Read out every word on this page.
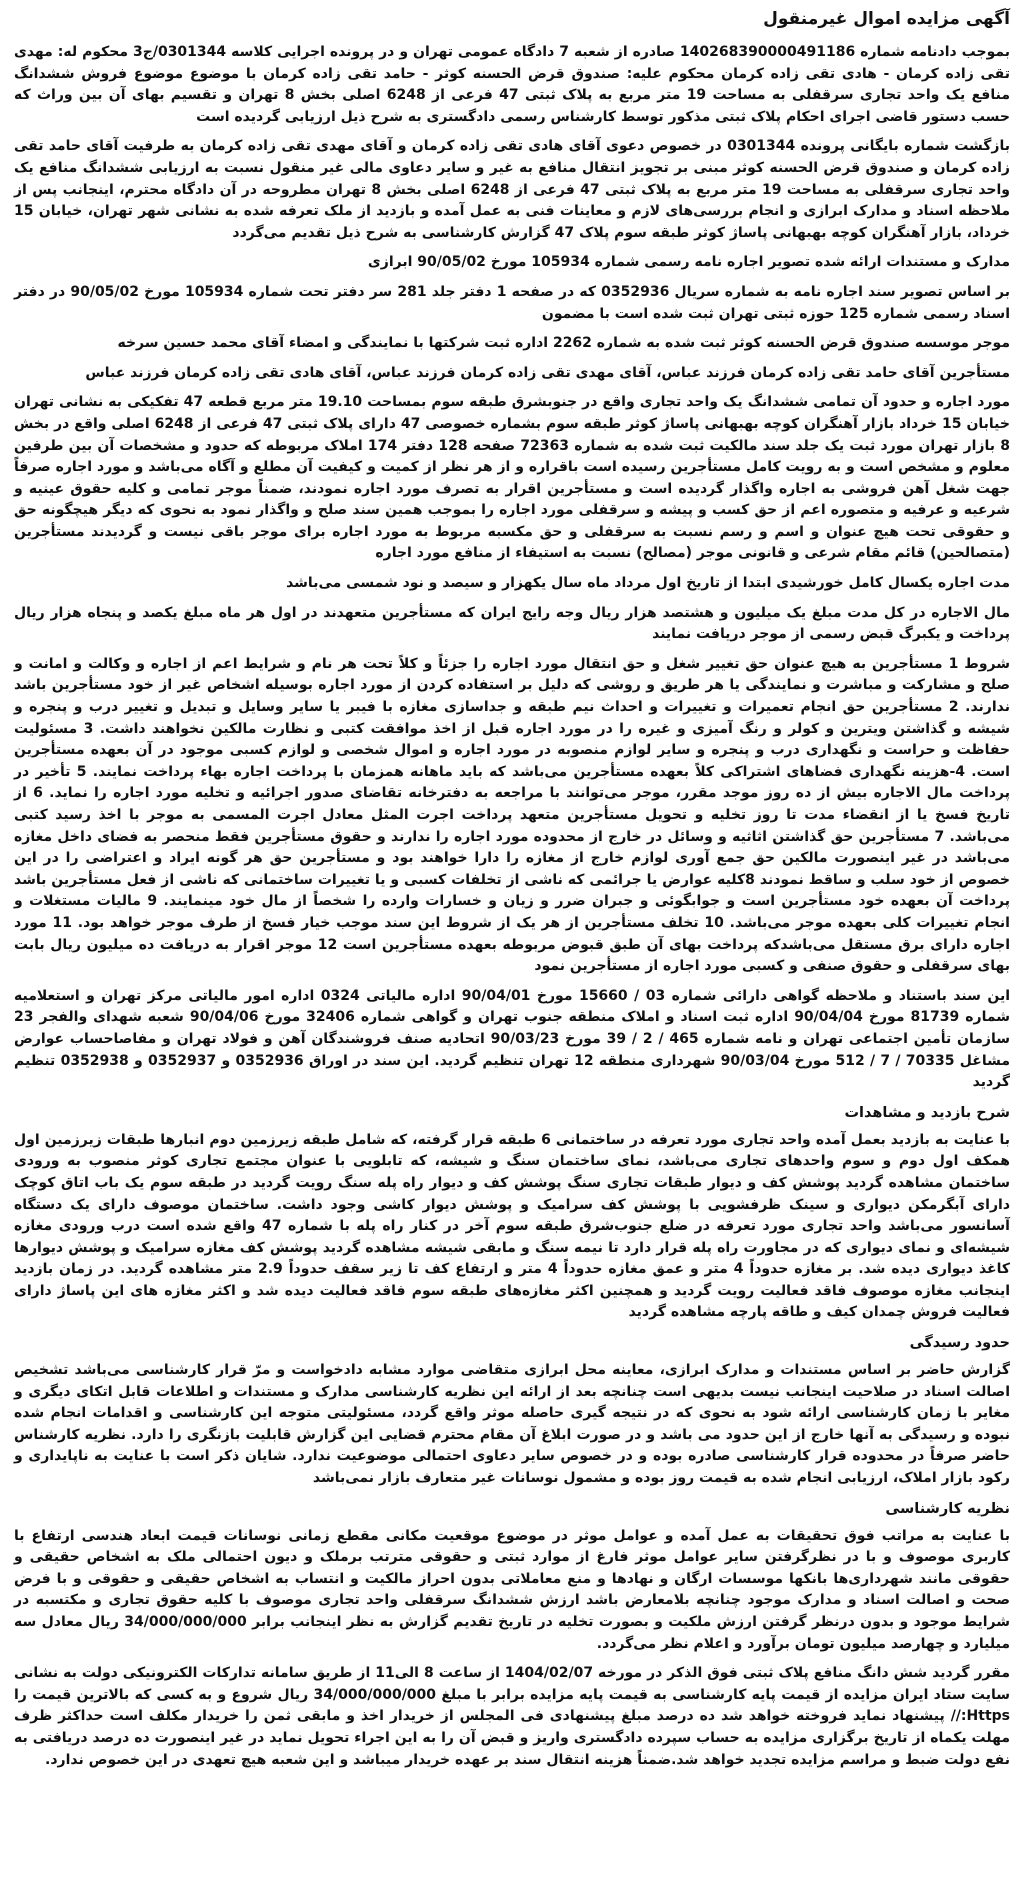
آگهی مزایده اموال غیرمنقول

بموجب دادنامه شماره 140268390000491186 صادره از شعبه 7 دادگاه عمومی تهران و در پرونده اجرایی کلاسه 0301344/ج3 محکوم له: مهدی تقی زاده کرمان - هادی تقی زاده کرمان محکوم علیه: صندوق قرض الحسنه کوثر - حامد تقی زاده کرمان با موضوع موضوع فروش ششدانگ منافع یک واحد تجاری سرقفلی به مساحت 19 متر مربع به پلاک ثبتی 47 فرعی از 6248 اصلی بخش 8 تهران و تقسیم بهای آن بین وراث که حسب دستور قاضی اجرای احکام پلاک ثبتی مذکور توسط کارشناس رسمی دادگستری به شرح ذیل ارزیابی گردیده است

بازگشت شماره بایگانی پرونده 0301344 در خصوص دعوی آقای هادی تقی زاده کرمان و آقای مهدی تقی زاده کرمان به طرفیت آقای حامد تقی زاده کرمان و صندوق قرض الحسنه کوثر مبنی بر تجویز انتقال منافع به غیر و سایر دعاوی مالی غیر منقول نسبت به ارزیابی ششدانگ منافع یک واحد تجاری سرقفلی به مساحت 19 متر مربع به پلاک ثبتی 47 فرعی از 6248 اصلی بخش 8 تهران مطروحه در آن دادگاه محترم، اینجانب پس از ملاحظه اسناد و مدارک ابرازی و انجام بررسی‌های لازم و معاینات فنی به عمل آمده و بازدید از ملک تعرفه شده به نشانی شهر تهران، خیابان 15 خرداد، بازار آهنگران کوچه بهبهانی پاساژ کوثر طبقه سوم پلاک 47 گزارش کارشناسی به شرح ذیل تقدیم می‌گردد

مدارک و مستندات ارائه شده تصویر اجاره نامه رسمی شماره 105934 مورخ 90/05/02 ابرازی

بر اساس تصویر سند اجاره نامه به شماره سریال 0352936 که در صفحه 1 دفتر جلد 281 سر دفتر تحت شماره 105934 مورخ 90/05/02 در دفتر اسناد رسمی شماره 125 حوزه ثبتی تهران ثبت شده است با مضمون

موجر موسسه صندوق قرض الحسنه کوثر ثبت شده به شماره 2262 اداره ثبت شرکتها با نمایندگی و امضاء آقای محمد حسین سرخه

مستأجرین آقای حامد تقی زاده کرمان فرزند عباس، آقای مهدی تقی زاده کرمان فرزند عباس، آقای هادی تقی زاده کرمان فرزند عباس

مورد اجاره و حدود آن تمامی ششدانگ یک واحد تجاری واقع در جنوبشرق طبقه سوم بمساحت 19.10 متر مربع قطعه 47 تفکیکی به نشانی تهران خیابان 15 خرداد بازار آهنگران کوچه بهبهانی پاساژ کوثر طبقه سوم بشماره خصوصی 47 دارای پلاک ثبتی 47 فرعی از 6248 اصلی واقع در بخش 8 بازار تهران مورد ثبت یک جلد سند مالکیت ثبت شده به شماره 72363 صفحه 128 دفتر 174 املاک مربوطه که حدود و مشخصات آن بین طرفین معلوم و مشخص است و به رویت کامل مستأجرین رسیده است باقراره و از هر نظر از کمیت و کیفیت آن مطلع و آگاه می‌باشد و مورد اجاره صرفاً جهت شغل آهن فروشی به اجاره واگذار گردیده است و مستأجرین اقرار به تصرف مورد اجاره نمودند، ضمناً موجر تمامی و کلیه حقوق عینیه و شرعیه و عرفیه و متصوره اعم از حق کسب و پیشه و سرقفلی مورد اجاره را بموجب همین سند صلح و واگذار نمود به نحوی که دیگر هیچگونه حق و حقوقی تحت هیچ عنوان و اسم و رسم نسبت به سرقفلی و حق مکسبه مربوط به مورد اجاره برای موجر باقی نیست و گردیدند مستأجرین (متصالحین) قائم مقام شرعی و قانونی موجر (مصالح) نسبت به استیفاء از منافع مورد اجاره

مدت اجاره یکسال کامل خورشیدی ابتدا از تاریخ اول مرداد ماه سال یکهزار و سیصد و نود شمسی می‌باشد

مال الاجاره در کل مدت مبلغ یک میلیون و هشتصد هزار ریال وجه رایج ایران که مستأجرین متعهدند در اول هر ماه مبلغ یکصد و پنجاه هزار ریال پرداخت و یکبرگ قبض رسمی از موجر دریافت نمایند

شروط 1 مستأجرین به هیچ عنوان حق تغییر شغل و حق انتقال مورد اجاره را جزئاً و کلاً تحت هر نام و شرایط اعم از اجاره و وکالت و امانت و صلح و مشارکت و مباشرت و نمایندگی یا هر طریق و روشی که دلیل بر استفاده کردن از مورد اجاره بوسیله اشخاص غیر از خود مستأجرین باشد ندارند. 2 مستأجرین حق انجام تعمیرات و تغییرات و احداث نیم طبقه و جداسازی مغازه با فیبر یا سایر وسایل و تبدیل و تغییر درب و پنجره و شیشه و گذاشتن ویترین و کولر و رنگ آمیزی و غیره را در مورد اجاره قبل از اخذ موافقت کتبی و نظارت مالکین نخواهند داشت. 3 مسئولیت حفاظت و حراست و نگهداری درب و پنجره و سایر لوازم منصوبه در مورد اجاره و اموال شخصی و لوازم کسبی موجود در آن بعهده مستأجرین است. 4-هزینه نگهداری فضاهای اشتراکی کلاً بعهده مستأجرین می‌باشد که باید ماهانه همزمان با پرداخت اجاره بهاء پرداخت نمایند. 5 تأخیر در پرداخت مال الاجاره بیش از ده روز موجد مقرر، موجر می‌توانند با مراجعه به دفترخانه تقاضای صدور اجرائیه و تخلیه مورد اجاره را نماید. 6 از تاریخ فسخ یا از انقضاء مدت تا روز تخلیه و تحویل مستأجرین متعهد پرداخت اجرت المثل معادل اجرت المسمی به موجر با اخذ رسید کتبی می‌باشد. 7 مستأجرین حق گذاشتن اثاثیه و وسائل در خارج از محدوده مورد اجاره را ندارند و حقوق مستأجرین فقط منحصر به فضای داخل مغازه می‌باشد در غیر اینصورت مالکین حق جمع آوری لوازم خارج از مغازه را دارا خواهند بود و مستأجرین حق هر گونه ایراد و اعتراضی را در این خصوص از خود سلب و ساقط نمودند 8کلیه عوارض یا جرائمی که ناشی از تخلفات کسبی و یا تغییرات ساختمانی که ناشی از فعل مستأجرین باشد پرداخت آن بعهده خود مستأجرین است و جوابگوئی و جبران ضرر و زیان و خسارات وارده را شخصاً از مال خود مینمایند. 9 مالیات مستغلات و انجام تغییرات کلی بعهده موجر می‌باشد. 10 تخلف مستأجرین از هر یک از شروط این سند موجب خیار فسخ از طرف موجر خواهد بود. 11 مورد اجاره دارای برق مستقل می‌باشدکه پرداخت بهای آن طبق قبوض مربوطه بعهده مستأجرین است 12 موجر اقرار به دریافت ده میلیون ریال بابت بهای سرقفلی و حقوق صنفی و کسبی مورد اجاره از مستأجرین نمود

این سند باستناد و ملاحظه گواهی دارائی شماره 03 / 15660 مورخ 90/04/01 اداره مالیاتی 0324 اداره امور مالیاتی مرکز تهران و استعلامیه شماره 81739 مورخ 90/04/04 اداره ثبت اسناد و املاک منطقه جنوب تهران و گواهی شماره 32406 مورخ 90/04/06 شعبه شهدای والفجر 23 سازمان تأمین اجتماعی تهران و نامه شماره 465 / 2 / 39 مورخ 90/03/23 اتحادیه صنف فروشندگان آهن و فولاد تهران و مفاصاحساب عوارض مشاغل 70335 / 7 / 512 مورخ 90/03/04 شهرداری منطقه 12 تهران تنظیم گردید. این سند در اوراق 0352936 و 0352937 و 0352938 تنظیم گردید

شرح بازدید و مشاهدات

با عنایت به بازدید بعمل آمده واحد تجاری مورد تعرفه در ساختمانی 6 طبقه قرار گرفته، که شامل طبقه زیرزمین دوم انبارها طبقات زیرزمین اول همکف اول دوم و سوم واحدهای تجاری می‌باشد، نمای ساختمان سنگ و شیشه، که تابلویی با عنوان مجتمع تجاری کوثر منصوب به ورودی ساختمان مشاهده گردید پوشش کف و دیوار طبقات تجاری سنگ پوشش کف و دیوار راه پله سنگ رویت گردید در طبقه سوم یک باب اتاق کوچک دارای آبگرمکن دیواری و سینک ظرفشویی با پوشش کف سرامیک و پوشش دیوار کاشی وجود داشت. ساختمان موصوف دارای یک دستگاه آسانسور می‌باشد واحد تجاری مورد تعرفه در ضلع جنوب‌شرق طبقه سوم آخر در کنار راه پله با شماره 47 واقع شده است درب ورودی مغازه شیشه‌ای و نمای دیواری که در مجاورت راه پله قرار دارد تا نیمه سنگ و مابقی شیشه مشاهده گردید پوشش کف مغازه سرامیک و پوشش دیوارها کاغذ دیواری دیده شد. بر مغازه حدوداً 4 متر و عمق مغازه حدوداً 4 متر و ارتفاع کف تا زیر سقف حدوداً 2.9 متر مشاهده گردید. در زمان بازدید اینجانب مغازه موصوف فاقد فعالیت رویت گردید و همچنین اکثر مغازه‌های طبقه سوم فاقد فعالیت دیده شد و اکثر مغازه های این پاساژ دارای فعالیت فروش چمدان کیف و طاقه پارچه مشاهده گردید

حدود رسیدگی

گزارش حاضر بر اساس مستندات و مدارک ابرازی، معاینه محل ابرازی متقاضی موارد مشابه دادخواست و مرّ قرار کارشناسی می‌باشد تشخیص اصالت اسناد در صلاحیت اینجانب نیست بدیهی است چنانچه بعد از ارائه این نظریه کارشناسی مدارک و مستندات و اطلاعات قابل اتکای دیگری و مغایر با زمان کارشناسی ارائه شود به نحوی که در نتیجه گیری حاصله موثر واقع گردد، مسئولیتی متوجه این کارشناسی و اقدامات انجام شده نبوده و رسیدگی به آنها خارج از این حدود می باشد و در صورت ابلاغ آن مقام محترم قضایی این گزارش قابلیت بازنگری را دارد. نظریه کارشناس حاضر صرفاً در محدوده قرار کارشناسی صادره بوده و در خصوص سایر دعاوی احتمالی موضوعیت ندارد. شایان ذکر است با عنایت به ناپایداری و رکود بازار املاک، ارزیابی انجام شده به قیمت روز بوده و مشمول نوسانات غیر متعارف بازار نمی‌باشد

نظریه کارشناسی

با عنایت به مراتب فوق تحقیقات به عمل آمده و عوامل موثر در موضوع موقعیت مکانی مقطع زمانی نوسانات قیمت ابعاد هندسی ارتفاع با کاربری موصوف و با در نظرگرفتن سایر عوامل موثر فارغ از موارد ثبتی و حقوقی مترتب برملک و دیون احتمالی ملک به اشخاص حقیقی و حقوقی مانند شهرداری‌ها بانکها موسسات ارگان و نهادها و منع معاملاتی بدون احراز مالکیت و انتساب به اشخاص حقیقی و حقوقی و با فرض صحت و اصالت اسناد و مدارک موجود چنانچه بلامعارض باشد ارزش ششدانگ سرقفلی واحد تجاری موصوف با کلیه حقوق تجاری و مکتسبه در شرایط موجود و بدون درنظر گرفتن ارزش ملکیت و بصورت تخلیه در تاریخ تقدیم گزارش به نظر اینجانب برابر 34/000/000/000 ریال معادل سه میلیارد و چهارصد میلیون تومان برآورد و اعلام نظر می‌گردد.

مقرر گردید شش دانگ منافع پلاک ثبتی فوق الذکر در مورخه 1404/02/07 از ساعت 8 الی11 از طریق سامانه تدارکات الکترونیکی دولت به نشانی سایت ستاد ایران مزایده از قیمت پایه کارشناسی به قیمت پایه مزایده برابر با مبلغ 34/000/000/000 ریال شروع و به کسی که بالاترین قیمت را Https:// پیشنهاد نماید فروخته خواهد شد ده درصد مبلغ پیشنهادی فی المجلس از خریدار اخذ و مابقی ثمن را خریدار مکلف است حداکثر ظرف مهلت یکماه از تاریخ برگزاری مزایده به حساب سپرده دادگستری واریز و قبض آن را به این اجراء تحویل نماید در غیر اینصورت ده درصد دریافتی به نفع دولت ضبط و مراسم مزایده تجدید خواهد شد.ضمناً هزینه انتقال سند بر عهده خریدار میباشد و این شعبه هیچ تعهدی در این خصوص ندارد.
